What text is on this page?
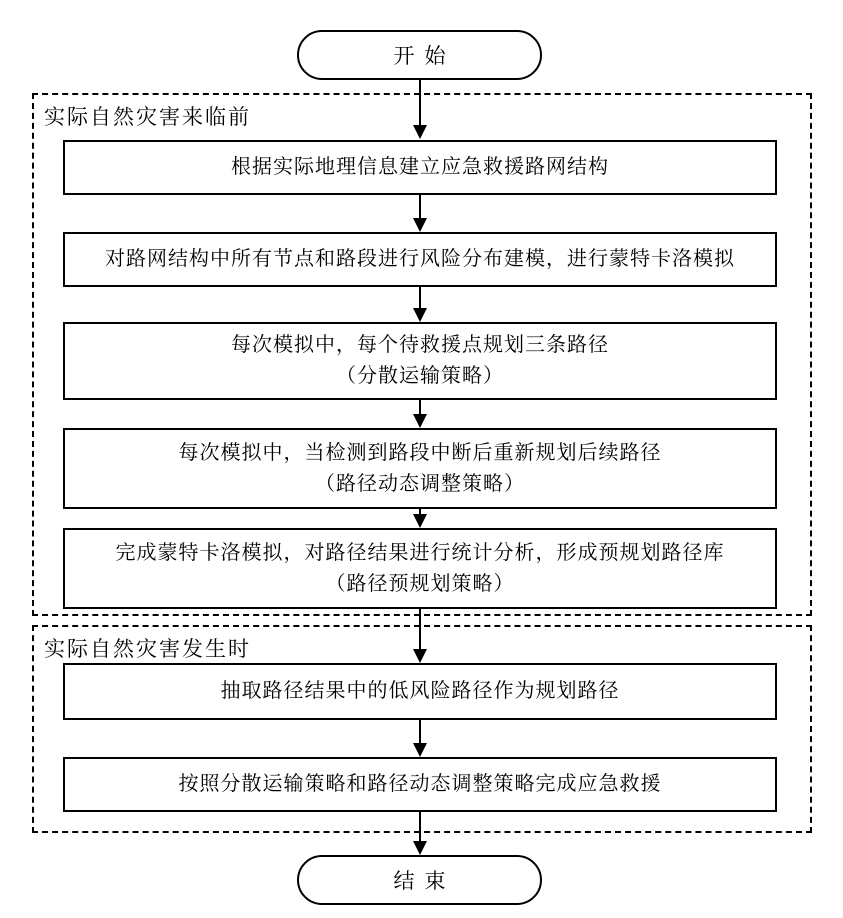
开始
实际自然灾害来临前
根据实际地理信息建立应急救援路网结构
对路网结构中所有节点和路段进行风险分布建模，进行蒙特卡洛模拟
每次模拟中，每个待救援点规划三条路径
（分散运输策略）
每次模拟中，当检测到路段中断后重新规划后续路径
（路径动态调整策略）
完成蒙特卡洛模拟，对路径结果进行统计分析，形成预规划路径库
（路径预规划策略）
实际自然灾害发生时
抽取路径结果中的低风险路径作为规划路径
按照分散运输策略和路径动态调整策略完成应急救援
结束
